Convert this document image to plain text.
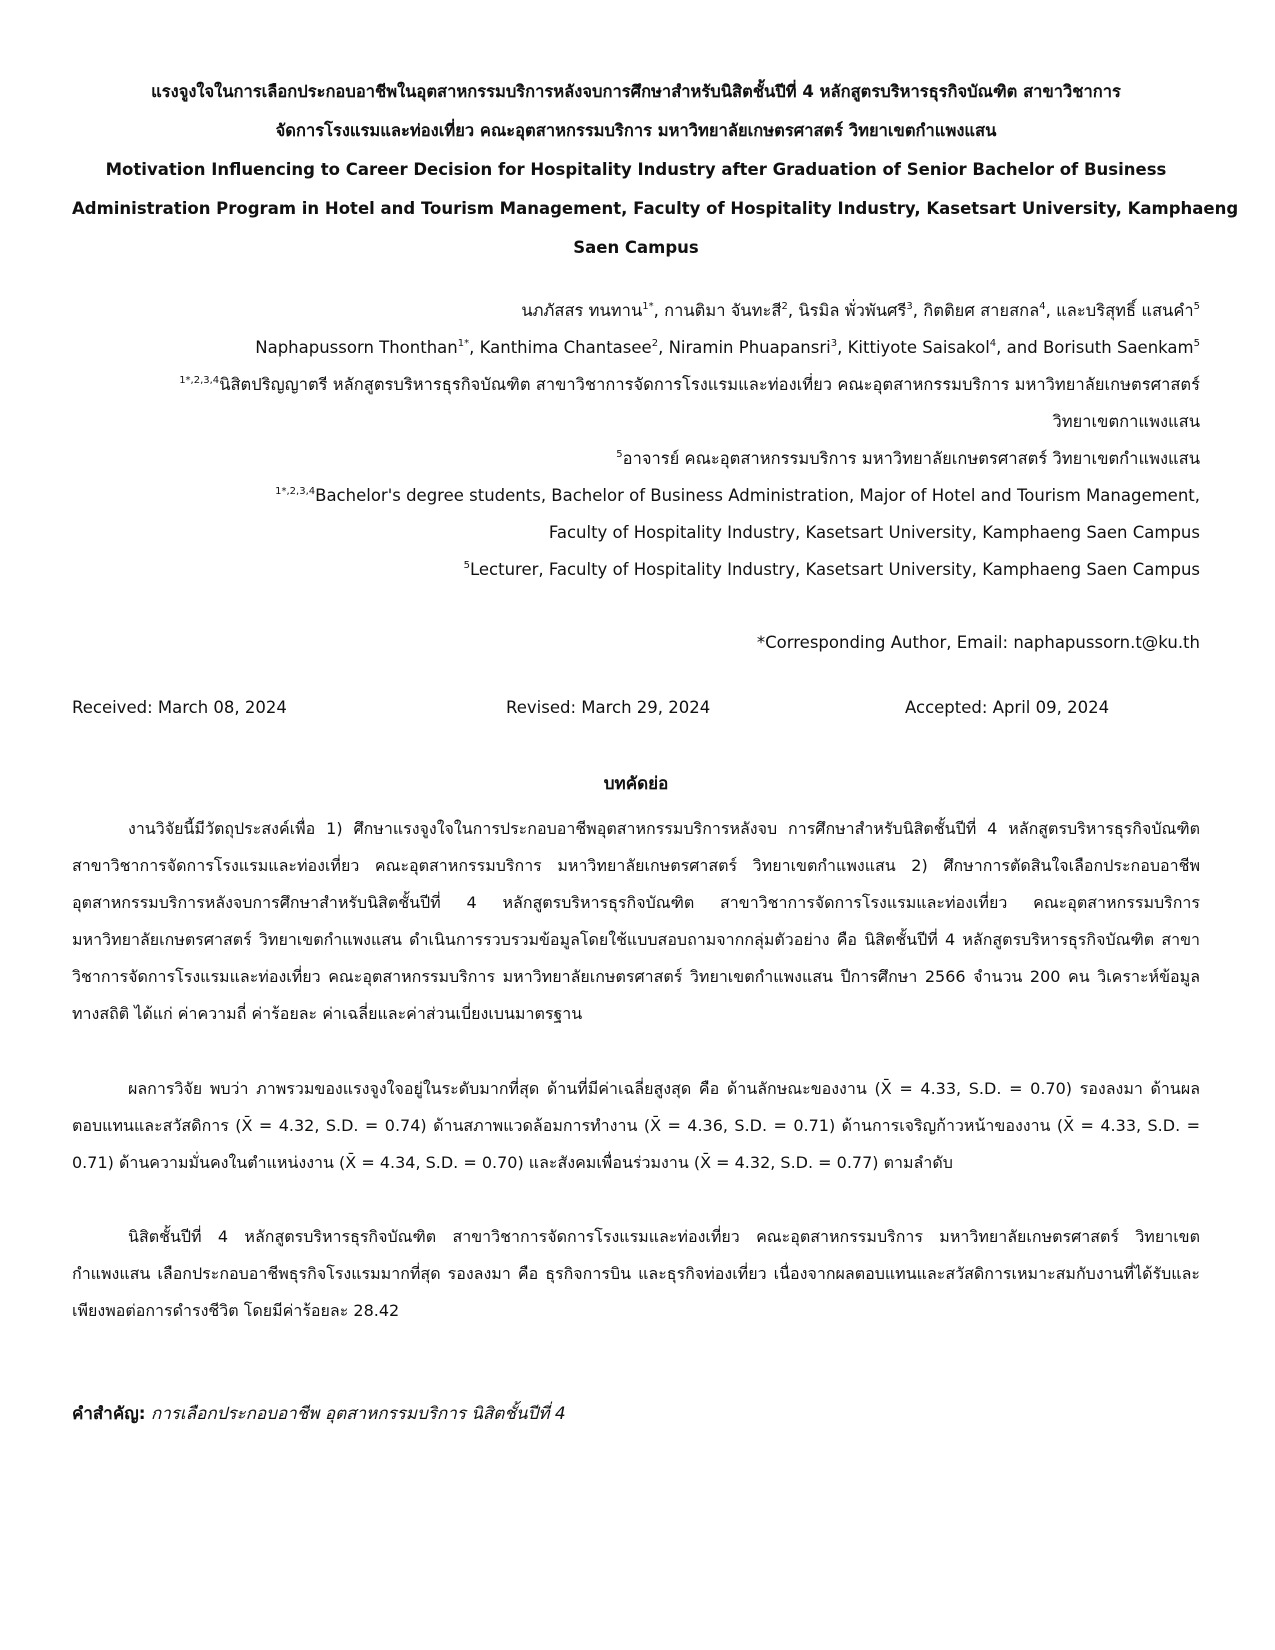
แรงจูงใจในการเลือกประกอบอาชีพในอุตสาหกรรมบริการหลังจบการศึกษาสำหรับนิสิตชั้นปีที่ 4 หลักสูตรบริหารธุรกิจบัณฑิต สาขาวิชาการ
จัดการโรงแรมและท่องเที่ยว คณะอุตสาหกรรมบริการ มหาวิทยาลัยเกษตรศาสตร์ วิทยาเขตกำแพงแสน
Motivation Influencing to Career Decision for Hospitality Industry after Graduation of Senior Bachelor of Business
Administration Program in Hotel and Tourism Management, Faculty of Hospitality Industry, Kasetsart University, Kamphaeng
Saen Campus
นภภัสสร ทนทาน$^{1*}$, กานติมา จันทะสี$^2$, นิรมิล พั่วพันศรี$^3$, กิตติยศ สายสกล$^4$, และบริสุทธิ์ แสนคำ$^5$
Naphapussorn Thonthan$^{1*}$, Kanthima Chantasee$^2$, Niramin Phuapansri$^3$, Kittiyote Saisakol$^4$, and Borisuth Saenkam$^5$
$^{1*,2,3,4}$นิสิตปริญญาตรี หลักสูตรบริหารธุรกิจบัณฑิต สาขาวิชาการจัดการโรงแรมและท่องเที่ยว คณะอุตสาหกรรมบริการ มหาวิทยาลัยเกษตรศาสตร์
วิทยาเขตกาแพงแสน
$^5$อาจารย์ คณะอุตสาหกรรมบริการ มหาวิทยาลัยเกษตรศาสตร์ วิทยาเขตกำแพงแสน
$^{1*,2,3,4}$Bachelor's degree students, Bachelor of Business Administration, Major of Hotel and Tourism Management,
Faculty of Hospitality Industry, Kasetsart University, Kamphaeng Saen Campus
$^5$Lecturer, Faculty of Hospitality Industry, Kasetsart University, Kamphaeng Saen Campus
*Corresponding Author, Email: naphapussorn.t@ku.th
Received: March 08, 2024	Revised: March 29, 2024	Accepted: April 09, 2024
บทคัดย่อ

งานวิจัยนี้มีวัตถุประสงค์เพื่อ 1) ศึกษาแรงจูงใจในการประกอบอาชีพอุตสาหกรรมบริการหลังจบ การศึกษาสำหรับนิสิตชั้นปีที่ 4 หลักสูตรบริหารธุรกิจบัณฑิต สาขาวิชาการจัดการโรงแรมและท่องเที่ยว คณะอุตสาหกรรมบริการ มหาวิทยาลัยเกษตรศาสตร์ วิทยาเขตกำแพงแสน 2) ศึกษาการตัดสินใจเลือกประกอบอาชีพอุตสาหกรรมบริการหลังจบการศึกษาสำหรับนิสิตชั้นปีที่ 4 หลักสูตรบริหารธุรกิจบัณฑิต สาขาวิชาการจัดการโรงแรมและท่องเที่ยว คณะอุตสาหกรรมบริการ มหาวิทยาลัยเกษตรศาสตร์ วิทยาเขตกำแพงแสน ดำเนินการรวบรวมข้อมูลโดยใช้แบบสอบถามจากกลุ่มตัวอย่าง คือ นิสิตชั้นปีที่ 4 หลักสูตรบริหารธุรกิจบัณฑิต สาขาวิชาการจัดการโรงแรมและท่องเที่ยว คณะอุตสาหกรรมบริการ มหาวิทยาลัยเกษตรศาสตร์ วิทยาเขตกำแพงแสน ปีการศึกษา 2566 จำนวน 200 คน วิเคราะห์ข้อมูลทางสถิติ ได้แก่ ค่าความถี่ ค่าร้อยละ ค่าเฉลี่ยและค่าส่วนเบี่ยงเบนมาตรฐาน

ผลการวิจัย พบว่า ภาพรวมของแรงจูงใจอยู่ในระดับมากที่สุด ด้านที่มีค่าเฉลี่ยสูงสุด คือ ด้านลักษณะของงาน (X̄ = 4.33, S.D. = 0.70) รองลงมา ด้านผลตอบแทนและสวัสดิการ (X̄ = 4.32, S.D. = 0.74) ด้านสภาพแวดล้อมการทำงาน (X̄ = 4.36, S.D. = 0.71) ด้านการเจริญก้าวหน้าของงาน (X̄ = 4.33, S.D. = 0.71) ด้านความมั่นคงในตำแหน่งงาน (X̄ = 4.34, S.D. = 0.70) และสังคมเพื่อนร่วมงาน (X̄ = 4.32, S.D. = 0.77) ตามลำดับ

นิสิตชั้นปีที่ 4 หลักสูตรบริหารธุรกิจบัณฑิต สาขาวิชาการจัดการโรงแรมและท่องเที่ยว คณะอุตสาหกรรมบริการ มหาวิทยาลัยเกษตรศาสตร์ วิทยาเขตกำแพงแสน เลือกประกอบอาชีพธุรกิจโรงแรมมากที่สุด รองลงมา คือ ธุรกิจการบิน และธุรกิจท่องเที่ยว เนื่องจากผลตอบแทนและสวัสดิการเหมาะสมกับงานที่ได้รับและเพียงพอต่อการดำรงชีวิต โดยมีค่าร้อยละ 28.42

คำสำคัญ: การเลือกประกอบอาชีพ อุตสาหกรรมบริการ นิสิตชั้นปีที่ 4
